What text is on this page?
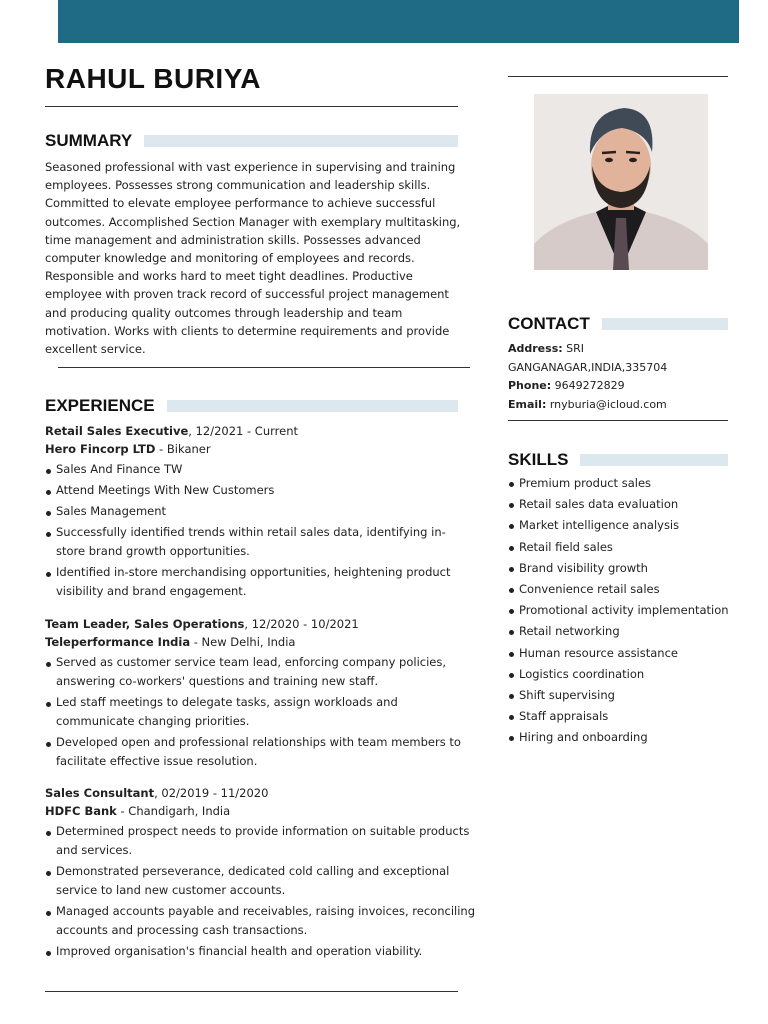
RAHUL BURIYA
SUMMARY

Seasoned professional with vast experience in supervising and training employees. Possesses strong communication and leadership skills. Committed to elevate employee performance to achieve successful outcomes. Accomplished Section Manager with exemplary multitasking, time management and administration skills. Possesses advanced computer knowledge and monitoring of employees and records. Responsible and works hard to meet tight deadlines. Productive employee with proven track record of successful project management and producing quality outcomes through leadership and team motivation. Works with clients to determine requirements and provide excellent service.

EXPERIENCE
Retail Sales Executive, 12/2021 - Current
Hero Fincorp LTD - Bikaner
Sales And Finance TW
Attend Meetings With New Customers
Sales Management
Successfully identified trends within retail sales data, identifying in- store brand growth opportunities.
Identified in-store merchandising opportunities, heightening product visibility and brand engagement.
Team Leader, Sales Operations, 12/2020 - 10/2021
Teleperformance India - New Delhi, India
Served as customer service team lead, enforcing company policies, answering co-workers' questions and training new staff.
Led staff meetings to delegate tasks, assign workloads and communicate changing priorities.
Developed open and professional relationships with team members to facilitate effective issue resolution.
Sales Consultant, 02/2019 - 11/2020
HDFC Bank - Chandigarh, India
Determined prospect needs to provide information on suitable products and services.
Demonstrated perseverance, dedicated cold calling and exceptional service to land new customer accounts.
Managed accounts payable and receivables, raising invoices, reconciling accounts and processing cash transactions.
Improved organisation's financial health and operation viability.
CONTACT
Address: SRI
GANGANAGAR,INDIA,335704
Phone: 9649272829
Email: rnyburia@icloud.com
SKILLS
Premium product sales
Retail sales data evaluation
Market intelligence analysis
Retail field sales
Brand visibility growth
Convenience retail sales
Promotional activity implementation
Retail networking
Human resource assistance
Logistics coordination
Shift supervising
Staff appraisals
Hiring and onboarding
